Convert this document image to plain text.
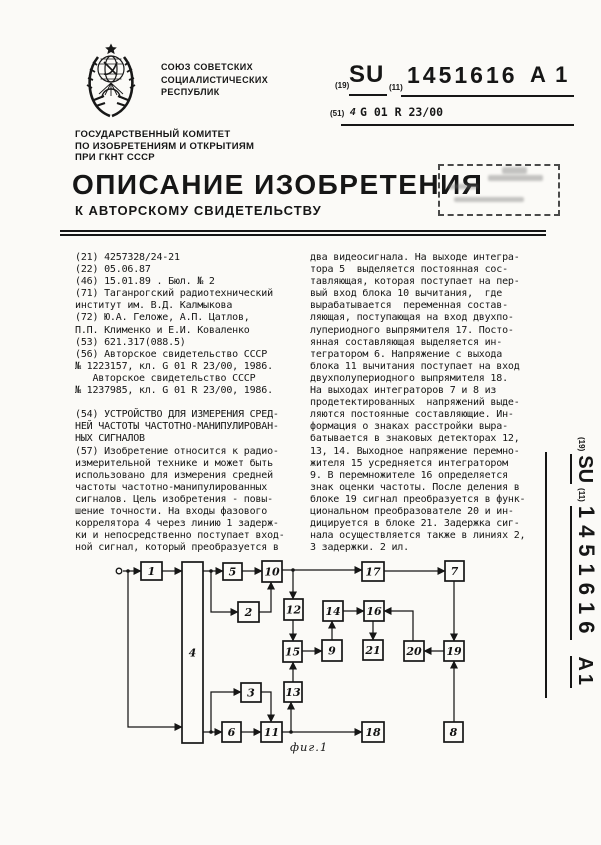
СОЮЗ СОВЕТСКИХ
СОЦИАЛИСТИЧЕСКИХ
РЕСПУБЛИК
(19) SU (11) 1451616 A 1
(51) 4 G 01 R 23/00
ГОСУДАРСТВЕННЫЙ КОМИТЕТ
ПО ИЗОБРЕТЕНИЯМ И ОТКРЫТИЯМ
ПРИ ГКНТ СССР
ОПИСАНИЕ ИЗОБРЕТЕНИЯ
К АВТОРСКОМУ СВИДЕТЕЛЬСТВУ
(21) 4257328/24-21
(22) 05.06.87
(46) 15.01.89 . Бюл. № 2
(71) Таганрогский радиотехнический
институт им. В.Д. Калмыкова
(72) Ю.А. Геложе, А.П. Цатлов,
П.П. Клименко и Е.И. Коваленко
(53) 621.317(088.5)
(56) Авторское свидетельство СССР
№ 1223157, кл. G 01 R 23/00, 1986.
Авторское свидетельство СССР
№ 1237985, кл. G 01 R 23/00, 1986.

(54) УСТРОЙСТВО ДЛЯ ИЗМЕРЕНИЯ СРЕД-
НЕЙ ЧАСТОТЫ ЧАСТОТНО-МАНИПУЛИРОВАН-
НЫХ СИГНАЛОВ
(57) Изобретение относится к радио-
измерительной технике и может быть
использовано для измерения средней
частоты частотно-манипулированных
сигналов. Цель изобретения - повы-
шение точности. На входы фазового
коррелятора 4 через линию 1 задерж-
ки и непосредственно поступает вход-
ной сигнал, который преобразуется в
два видеосигнала. На выходе интегра-
тора 5  выделяется постоянная сос-
тавляющая, которая поступает на пер-
вый вход блока 10 вычитания,  где
вырабатывается  переменная состав-
ляющая, поступающая на вход двухпо-
лупериодного выпрямителя 17. Посто-
янная составляющая выделяется ин-
тегратором 6. Напряжение с выхода
блока 11 вычитания поступает на вход
двухполупериодного выпрямителя 18.
На выходах интеграторов 7 и 8 из
продетектированных  напряжений выде-
ляются постоянные составляющие. Ин-
формация о знаках расстройки выра-
батывается в знаковых детекторах 12,
13, 14. Выходное напряжение перемно-
жителя 15 усредняется интегратором
9. В перемножителе 16 определяется
знак оценки частоты. После деления в
блоке 19 сигнал преобразуется в функ-
циональном преобразователе 20 и ин-
дицируется в блоке 21. Задержка сиг-
нала осуществляется также в линиях 2,
3 задержки. 2 ил.
1
4
5	10
2	12
15
13
3
6	11
17	7
14 16
9	21 20 19
18	8
фиг.1
(19)
SU
(11)
1451616
A1
